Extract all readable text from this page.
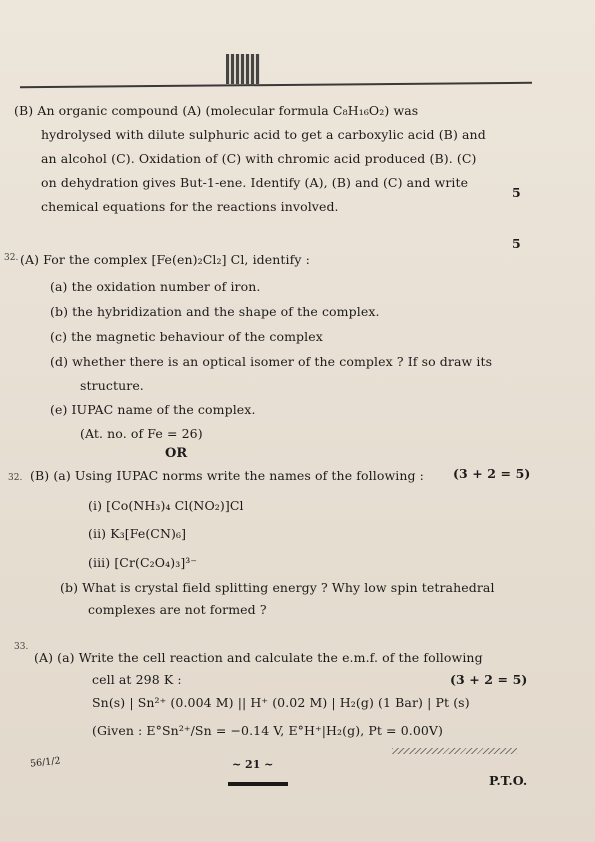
(B) An organic compound (A) (molecular formula C₈H₁₆O₂) was
hydrolysed with dilute sulphuric acid to get a carboxylic acid (B) and
an alcohol (C). Oxidation of (C) with chromic acid produced (B). (C)
on dehydration gives But-1-ene. Identify (A), (B) and (C) and write
chemical equations for the reactions involved.
5
5
32. (A) For the complex [Fe(en)₂Cl₂] Cl, identify :
(a) the oxidation number of iron.
(b) the hybridization and the shape of the complex.
(c) the magnetic behaviour of the complex
(d) whether there is an optical isomer of the complex ? If so draw its
structure.
(e) IUPAC name of the complex.
(At. no. of Fe = 26)
OR
32. (B) (a) Using IUPAC norms write the names of the following : (3 + 2 = 5)
(i) [Co(NH₃)₄ Cl(NO₂)]Cl
(ii) K₃[Fe(CN)₆]
(iii) [Cr(C₂O₄)₃]³⁻
(b) What is crystal field splitting energy ? Why low spin tetrahedral
complexes are not formed ?
33.
(A) (a) Write the cell reaction and calculate the e.m.f. of the following
cell at 298 K :	(3 + 2 = 5)
Sn(s) | Sn²⁺ (0.004 M) || H⁺ (0.02 M) | H₂(g) (1 Bar) | Pt (s)
(Given : E°Sn²⁺/Sn = −0.14 V, E°H⁺|H₂(g), Pt = 0.00V)
56/1/2	~ 21 ~
P.T.O.
